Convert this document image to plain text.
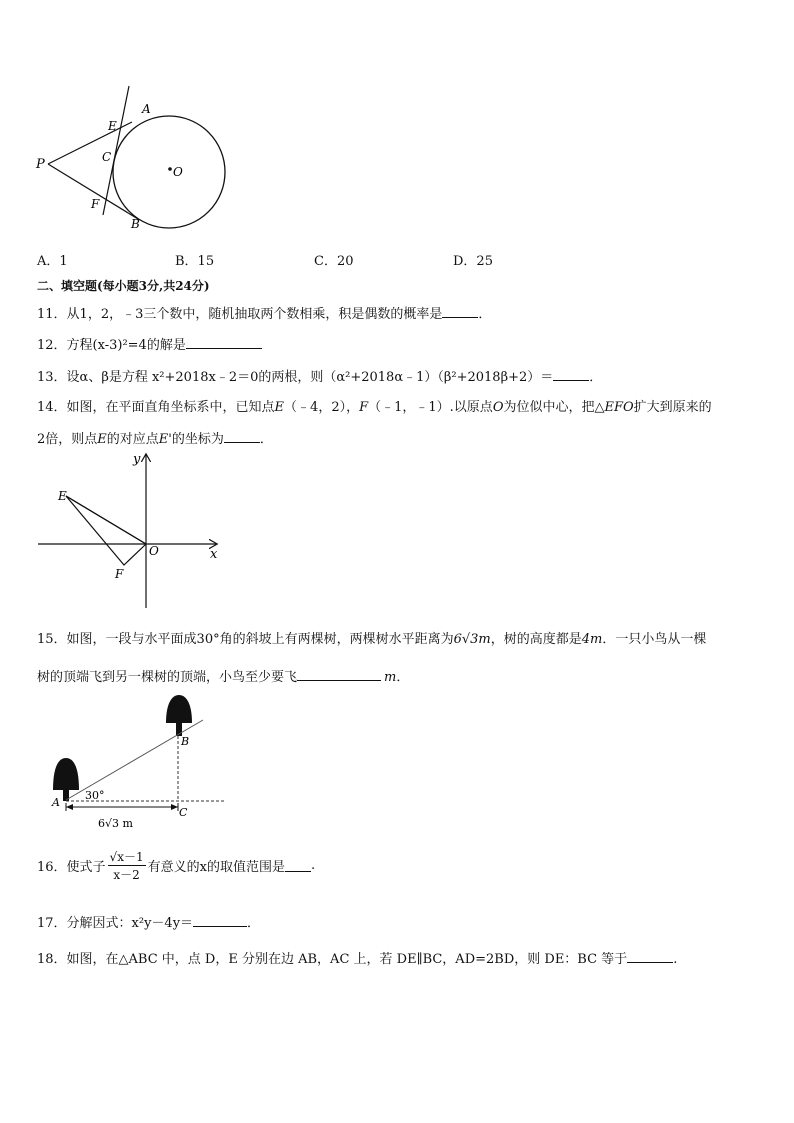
P
A
E
C
O
F
B
A．1	B．15	C．20	D．25
二、填空题(每小题3分,共24分)
11．从1，2，﹣3三个数中，随机抽取两个数相乘，积是偶数的概率是	．
12．方程(x-3)²=4的解是
13．设α、β是方程 x²+2018x﹣2＝0的两根，则（α²+2018α﹣1）（β²+2018β+2）＝	．
14．如图，在平面直角坐标系中，已知点E（﹣4，2），F（﹣1，﹣1）.以原点O为位似中心，把△EFO扩大到原来的
2倍，则点E的对应点E'的坐标为	．
y
x
O
E
F
15．如图，一段与水平面成30°角的斜坡上有两棵树，两棵树水平距离为6√3m，树的高度都是4m．一只小鸟从一棵
树的顶端飞到另一棵树的顶端，小鸟至少要飞	m．
A
B
C
30°
6√3 m
16．使式子 $\frac{√x-1}{x-2}$ 有意义的x的取值范围是 .
17．分解因式：x²y－4y＝	．
18．如图，在△ABC 中，点 D，E 分别在边 AB，AC 上，若 DE∥BC，AD=2BD，则 DE：BC 等于	.
